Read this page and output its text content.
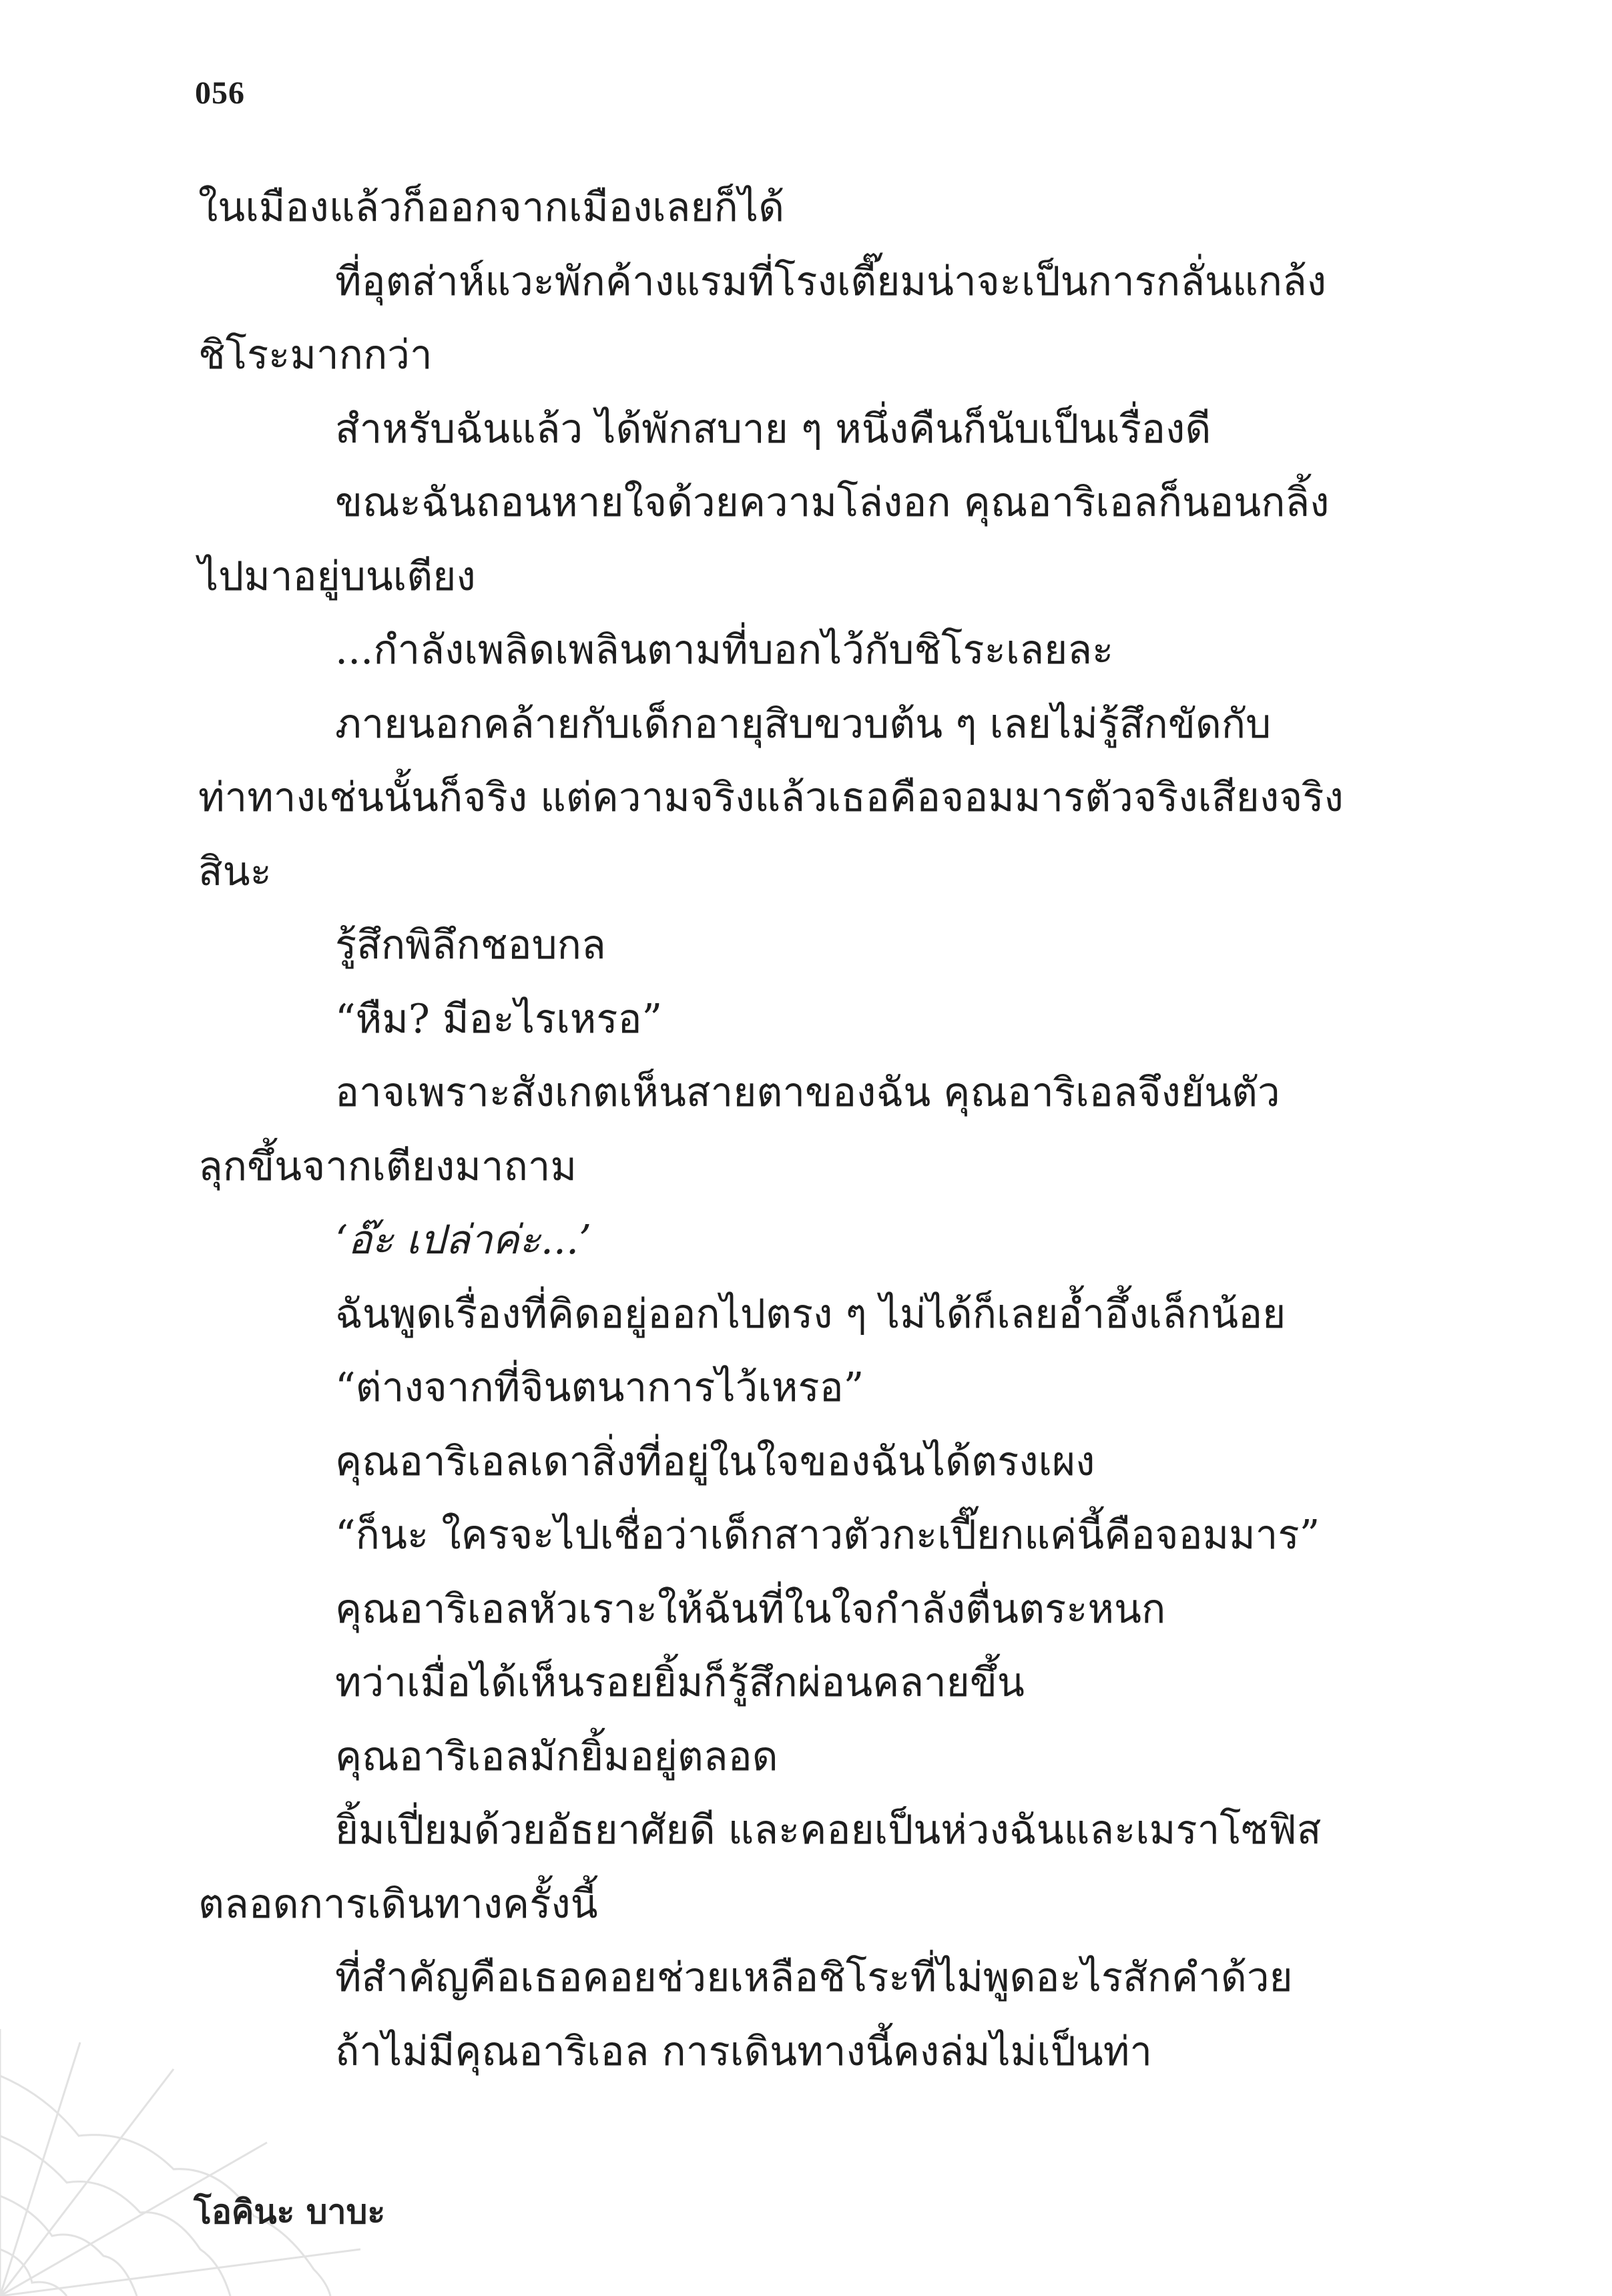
056
ในเมืองแล้วก็ออกจากเมืองเลยก็ได้
ที่อุตส่าห์แวะพักค้างแรมที่โรงเตี๊ยมน่าจะเป็นการกลั่นแกล้ง
ชิโระมากกว่า
สำหรับฉันแล้ว ได้พักสบาย ๆ หนึ่งคืนก็นับเป็นเรื่องดี
ขณะฉันถอนหายใจด้วยความโล่งอก คุณอาริเอลก็นอนกลิ้ง
ไปมาอยู่บนเตียง
...กำลังเพลิดเพลินตามที่บอกไว้กับชิโระเลยละ
ภายนอกคล้ายกับเด็กอายุสิบขวบต้น ๆ เลยไม่รู้สึกขัดกับ
ท่าทางเช่นนั้นก็จริง แต่ความจริงแล้วเธอคือจอมมารตัวจริงเสียงจริง
สินะ
รู้สึกพิลึกชอบกล
“หืม? มีอะไรเหรอ”
อาจเพราะสังเกตเห็นสายตาของฉัน คุณอาริเอลจึงยันตัว
ลุกขึ้นจากเตียงมาถาม
‘อ๊ะ เปล่าค่ะ...’
ฉันพูดเรื่องที่คิดอยู่ออกไปตรง ๆ ไม่ได้ก็เลยอ้ำอึ้งเล็กน้อย
“ต่างจากที่จินตนาการไว้เหรอ”
คุณอาริเอลเดาสิ่งที่อยู่ในใจของฉันได้ตรงเผง
“ก็นะ ใครจะไปเชื่อว่าเด็กสาวตัวกะเปี๊ยกแค่นี้คือจอมมาร”
คุณอาริเอลหัวเราะให้ฉันที่ในใจกำลังตื่นตระหนก
ทว่าเมื่อได้เห็นรอยยิ้มก็รู้สึกผ่อนคลายขึ้น
คุณอาริเอลมักยิ้มอยู่ตลอด
ยิ้มเปี่ยมด้วยอัธยาศัยดี และคอยเป็นห่วงฉันและเมราโซฟิส
ตลอดการเดินทางครั้งนี้
ที่สำคัญคือเธอคอยช่วยเหลือชิโระที่ไม่พูดอะไรสักคำด้วย
ถ้าไม่มีคุณอาริเอล การเดินทางนี้คงล่มไม่เป็นท่า
โอคินะ บาบะ
